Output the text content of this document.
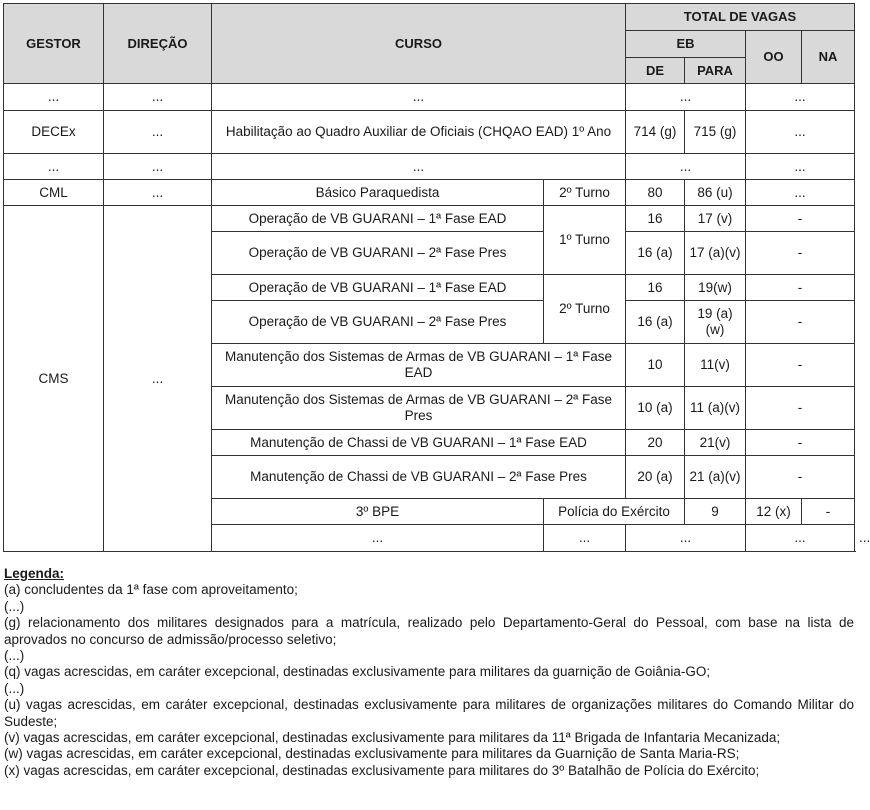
GESTOR	DIREÇÃO	CURSO		TOTAL DE VAGAS				
				EB		OO	NA	
				DE	PARA			
...	...	...		...		...		
DECEx	...	Habilitação ao Quadro Auxiliar de Oficiais (CHQAO EAD) 1º Ano		714 (g)	715 (g)	...		
...	...	...		...		...		
CML	...	Básico Paraquedista	2º Turno	80	86 (u)	...		
CMS	...	Operação de VB GUARANI – 1ª Fase EAD	1º Turno	16	17 (v)	-		
		Operação de VB GUARANI – 2ª Fase Pres		16 (a)	17 (a)(v)	-		
		Operação de VB GUARANI – 1ª Fase EAD	2º Turno	16	19(w)	-		
		Operação de VB GUARANI – 2ª Fase Pres		16 (a)	19 (a)(w)	-		
		Manutenção dos Sistemas de Armas de VB GUARANI – 1ª Fase EAD		10	11(v)	-		
		Manutenção dos Sistemas de Armas de VB GUARANI – 2ª Fase Pres		10 (a)	11 (a)(v)	-		
		Manutenção de Chassi de VB GUARANI – 1ª Fase EAD		20	21(v)	-		
		Manutenção de Chassi de VB GUARANI – 2ª Fase Pres		20 (a)	21 (a)(v)	-		
		3º BPE	Polícia do Exército		9	12 (x)	-	
		...	...	...		...		...

Legenda:

(a) concludentes da 1ª fase com aproveitamento;

(...)

(g) relacionamento dos militares designados para a matrícula, realizado pelo Departamento-Geral do Pessoal, com base na lista de aprovados no concurso de admissão/processo seletivo;

(...)

(q) vagas acrescidas, em caráter excepcional, destinadas exclusivamente para militares da guarnição de Goiânia-GO;

(...)

(u) vagas acrescidas, em caráter excepcional, destinadas exclusivamente para militares de organizações militares do Comando Militar do Sudeste;

(v) vagas acrescidas, em caráter excepcional, destinadas exclusivamente para militares da 11ª Brigada de Infantaria Mecanizada;

(w) vagas acrescidas, em caráter excepcional, destinadas exclusivamente para militares da Guarnição de Santa Maria-RS;

(x) vagas acrescidas, em caráter excepcional, destinadas exclusivamente para militares do 3º Batalhão de Polícia do Exército;
